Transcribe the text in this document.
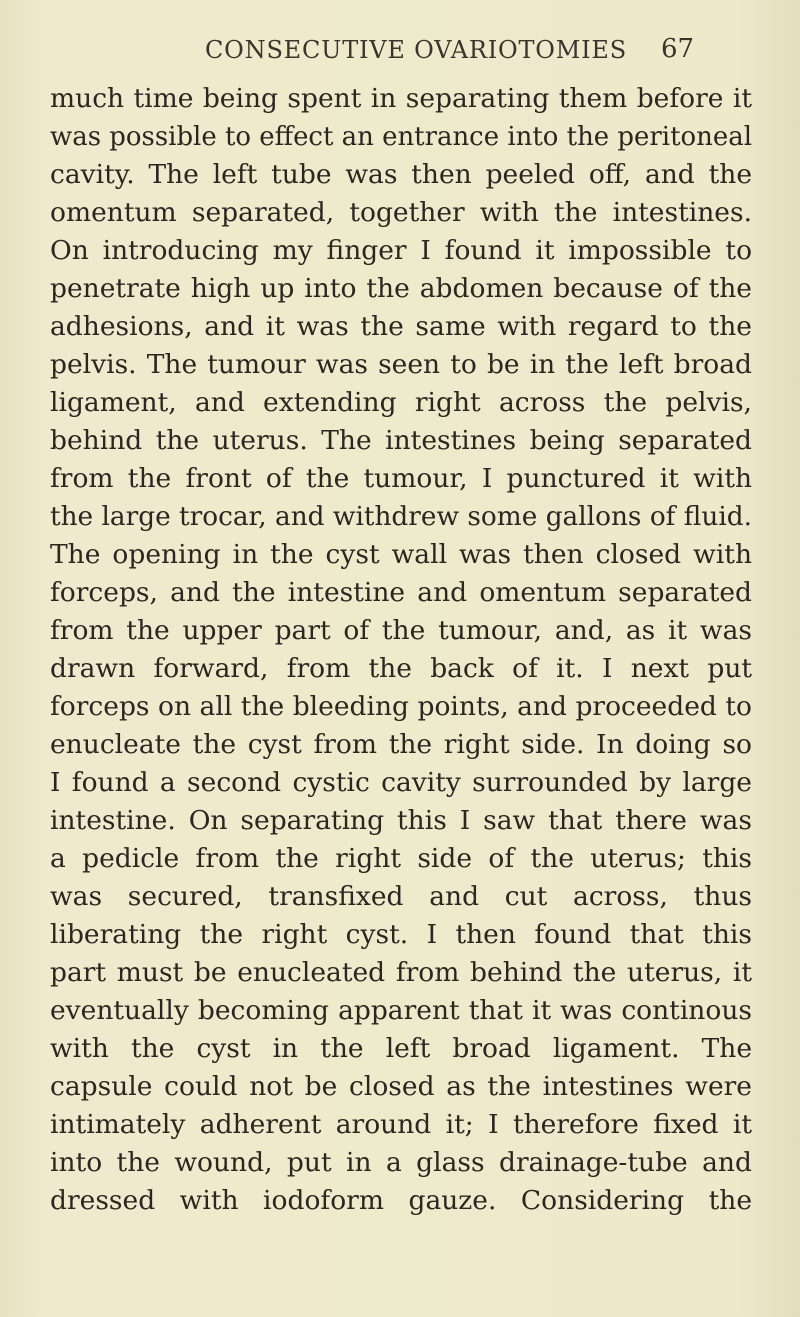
CONSECUTIVE OVARIOTOMIES 67
much time being spent in separating them before it
was possible to effect an entrance into the peritoneal
cavity. The left tube was then peeled off, and the
omentum separated, together with the intestines.
On introducing my finger I found it impossible to
penetrate high up into the abdomen because of the
adhesions, and it was the same with regard to the
pelvis. The tumour was seen to be in the left broad
ligament, and extending right across the pelvis,
behind the uterus. The intestines being separated
from the front of the tumour, I punctured it with
the large trocar, and withdrew some gallons of fluid.
The opening in the cyst wall was then closed with
forceps, and the intestine and omentum separated
from the upper part of the tumour, and, as it was
drawn forward, from the back of it. I next put
forceps on all the bleeding points, and proceeded to
enucleate the cyst from the right side. In doing so
I found a second cystic cavity surrounded by large
intestine. On separating this I saw that there was
a pedicle from the right side of the uterus; this
was secured, transfixed and cut across, thus
liberating the right cyst. I then found that this
part must be enucleated from behind the uterus, it
eventually becoming apparent that it was continous
with the cyst in the left broad ligament. The
capsule could not be closed as the intestines were
intimately adherent around it; I therefore fixed it
into the wound, put in a glass drainage-tube and
dressed with iodoform gauze. Considering the
